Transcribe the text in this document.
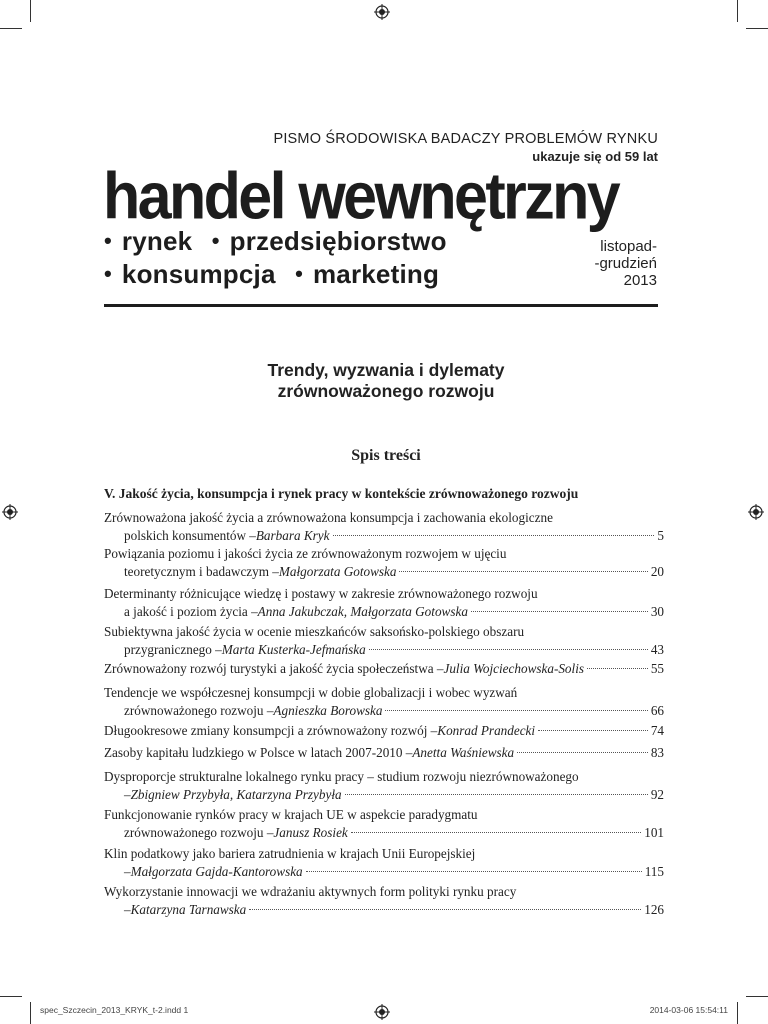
PISMO ŚRODOWISKA BADACZY PROBLEMÓW RYNKU
ukazuje się od 59 lat
handel wewnętrzny
• rynek • przedsiębiorstwo
• konsumpcja • marketing
listopad-
-grudzień
2013
Trendy, wyzwania i dylematy
zrównoważonego rozwoju
Spis treści
V. Jakość życia, konsumpcja i rynek pracy w kontekście zrównoważonego rozwoju
Zrównoważona jakość życia a zrównoważona konsumpcja i zachowania ekologiczne
polskich konsumentów – Barbara Kryk	5
Powiązania poziomu i jakości życia ze zrównoważonym rozwojem w ujęciu
teoretycznym i badawczym – Małgorzata Gotowska	20
Determinanty różnicujące wiedzę i postawy w zakresie zrównoważonego rozwoju
a jakość i poziom życia – Anna Jakubczak, Małgorzata Gotowska	30
Subiektywna jakość życia w ocenie mieszkańców saksońsko-polskiego obszaru
przygranicznego – Marta Kusterka-Jefmańska	43
Zrównoważony rozwój turystyki a jakość życia społeczeństwa – Julia Wojciechowska-Solis	55
Tendencje we współczesnej konsumpcji w dobie globalizacji i wobec wyzwań
zrównoważonego rozwoju – Agnieszka Borowska	66
Długookresowe zmiany konsumpcji a zrównoważony rozwój – Konrad Prandecki	74
Zasoby kapitału ludzkiego w Polsce w latach 2007-2010 – Anetta Waśniewska	83
Dysproporcje strukturalne lokalnego rynku pracy – studium rozwoju niezrównoważonego
– Zbigniew Przybyła, Katarzyna Przybyła	92
Funkcjonowanie rynków pracy w krajach UE w aspekcie paradygmatu
zrównoważonego rozwoju – Janusz Rosiek	101
Klin podatkowy jako bariera zatrudnienia w krajach Unii Europejskiej
– Małgorzata Gajda-Kantorowska	115
Wykorzystanie innowacji we wdrażaniu aktywnych form polityki rynku pracy
– Katarzyna Tarnawska	126
spec_Szczecin_2013_KRYK_t-2.indd 1	2014-03-06 15:54:11
